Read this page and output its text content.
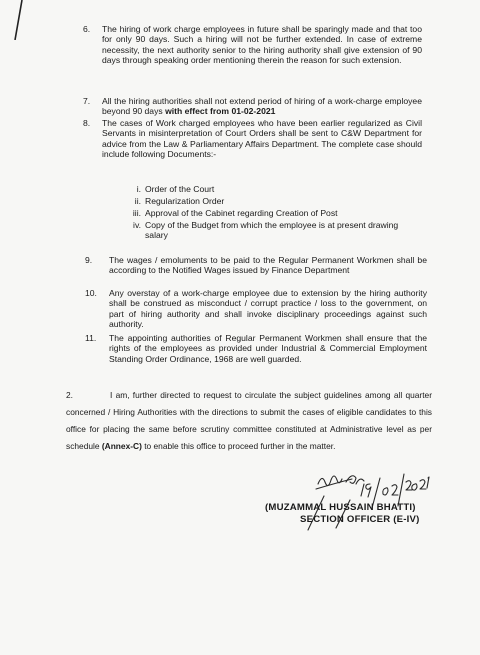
6. The hiring of work charge employees in future shall be sparingly made and that too for only 90 days. Such a hiring will not be further extended. In case of extreme necessity, the next authority senior to the hiring authority shall give extension of 90 days through speaking order mentioning therein the reason for such extension.
7. All the hiring authorities shall not extend period of hiring of a work-charge employee beyond 90 days with effect from 01-02-2021
8. The cases of Work charged employees who have been earlier regularized as Civil Servants in misinterpretation of Court Orders shall be sent to C&W Department for advice from the Law & Parliamentary Affairs Department. The complete case should include following Documents:-
i. Order of the Court
ii. Regularization Order
iii. Approval of the Cabinet regarding Creation of Post
iv. Copy of the Budget from which the employee is at present drawing salary
9. The wages / emoluments to be paid to the Regular Permanent Workmen shall be according to the Notified Wages issued by Finance Department
10. Any overstay of a work-charge employee due to extension by the hiring authority shall be construed as misconduct / corrupt practice / loss to the government, on part of hiring authority and shall invoke disciplinary proceedings against such authority.
11. The appointing authorities of Regular Permanent Workmen shall ensure that the rights of the employees as provided under Industrial & Commercial Employment Standing Order Ordinance, 1968 are well guarded.
2.	I am, further directed to request to circulate the subject guidelines among all quarter concerned / Hiring Authorities with the directions to submit the cases of eligible candidates to this office for placing the same before scrutiny committee constituted at Administrative level as per schedule (Annex-C) to enable this office to proceed further in the matter.
(MUZAMMAL HUSSAIN BHATTI)
SECTION OFFICER (E-IV)
